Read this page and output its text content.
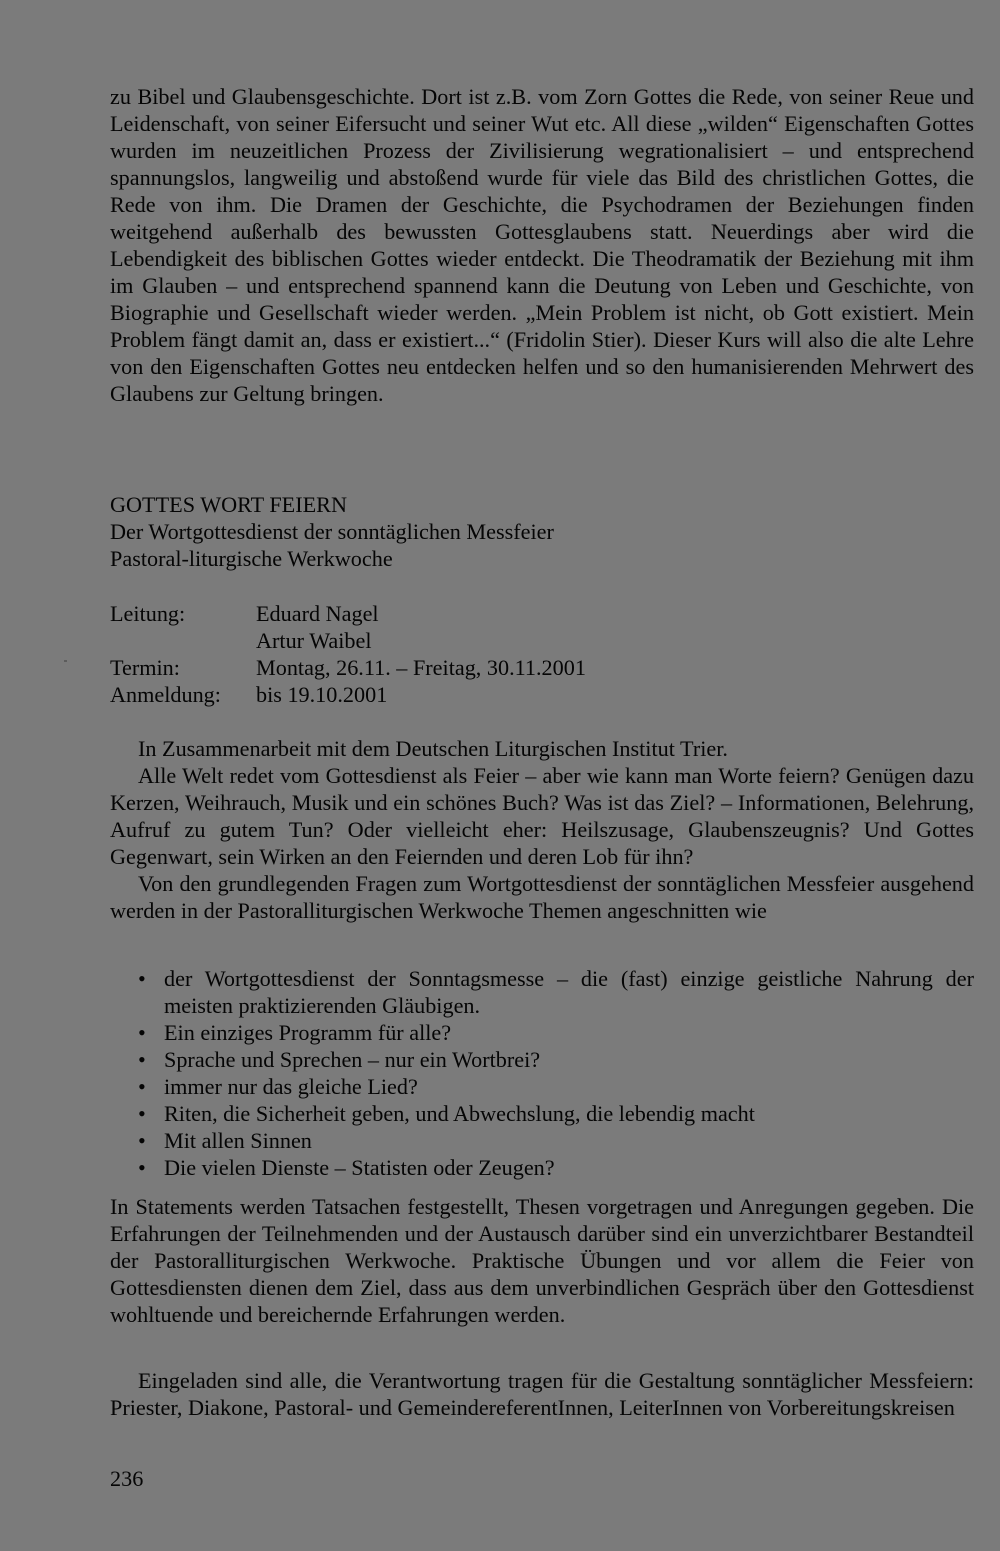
zu Bibel und Glaubensgeschichte. Dort ist z.B. vom Zorn Gottes die Rede, von seiner Reue und Leidenschaft, von seiner Eifersucht und seiner Wut etc. All diese „wilden“ Eigenschaften Gottes wurden im neuzeitlichen Prozess der Zivilisierung wegrationalisiert – und entsprechend spannungslos, langweilig und abstoßend wurde für viele das Bild des christlichen Gottes, die Rede von ihm. Die Dramen der Geschichte, die Psychodramen der Beziehungen finden weitgehend außerhalb des bewussten Gottesglaubens statt. Neuerdings aber wird die Lebendigkeit des biblischen Gottes wieder entdeckt. Die Theodramatik der Beziehung mit ihm im Glauben – und entsprechend spannend kann die Deutung von Leben und Geschichte, von Biographie und Gesellschaft wieder werden. „Mein Problem ist nicht, ob Gott existiert. Mein Problem fängt damit an, dass er existiert...“ (Fridolin Stier). Dieser Kurs will also die alte Lehre von den Eigenschaften Gottes neu entdecken helfen und so den humanisierenden Mehrwert des Glaubens zur Geltung bringen.

GOTTES WORT FEIERN

Der Wortgottesdienst der sonntäglichen Messfeier

Pastoral-liturgische Werkwoche

Leitung:	Eduard Nagel
Artur Waibel
Termin:	Montag, 26.11. – Freitag, 30.11.2001
Anmeldung:	bis 19.10.2001

In Zusammenarbeit mit dem Deutschen Liturgischen Institut Trier.

Alle Welt redet vom Gottesdienst als Feier – aber wie kann man Worte feiern? Genügen dazu Kerzen, Weihrauch, Musik und ein schönes Buch? Was ist das Ziel? – Informationen, Belehrung, Aufruf zu gutem Tun? Oder vielleicht eher: Heilszusage, Glaubenszeugnis? Und Gottes Gegenwart, sein Wirken an den Feiernden und deren Lob für ihn?

Von den grundlegenden Fragen zum Wortgottesdienst der sonntäglichen Messfeier ausgehend werden in der Pastoralliturgischen Werkwoche Themen angeschnitten wie

• der Wortgottesdienst der Sonntagsmesse – die (fast) einzige geistliche Nahrung der meisten praktizierenden Gläubigen.
• Ein einziges Programm für alle?
• Sprache und Sprechen – nur ein Wortbrei?
• immer nur das gleiche Lied?
• Riten, die Sicherheit geben, und Abwechslung, die lebendig macht
• Mit allen Sinnen
• Die vielen Dienste – Statisten oder Zeugen?

In Statements werden Tatsachen festgestellt, Thesen vorgetragen und Anregungen gegeben. Die Erfahrungen der Teilnehmenden und der Austausch darüber sind ein unverzichtbarer Bestandteil der Pastoralliturgischen Werkwoche. Praktische Übungen und vor allem die Feier von Gottesdiensten dienen dem Ziel, dass aus dem unverbindlichen Gespräch über den Gottesdienst wohltuende und bereichernde Erfahrungen werden.

Eingeladen sind alle, die Verantwortung tragen für die Gestaltung sonntäglicher Messfeiern: Priester, Diakone, Pastoral- und GemeindereferentInnen, LeiterInnen von Vorbereitungskreisen

236
